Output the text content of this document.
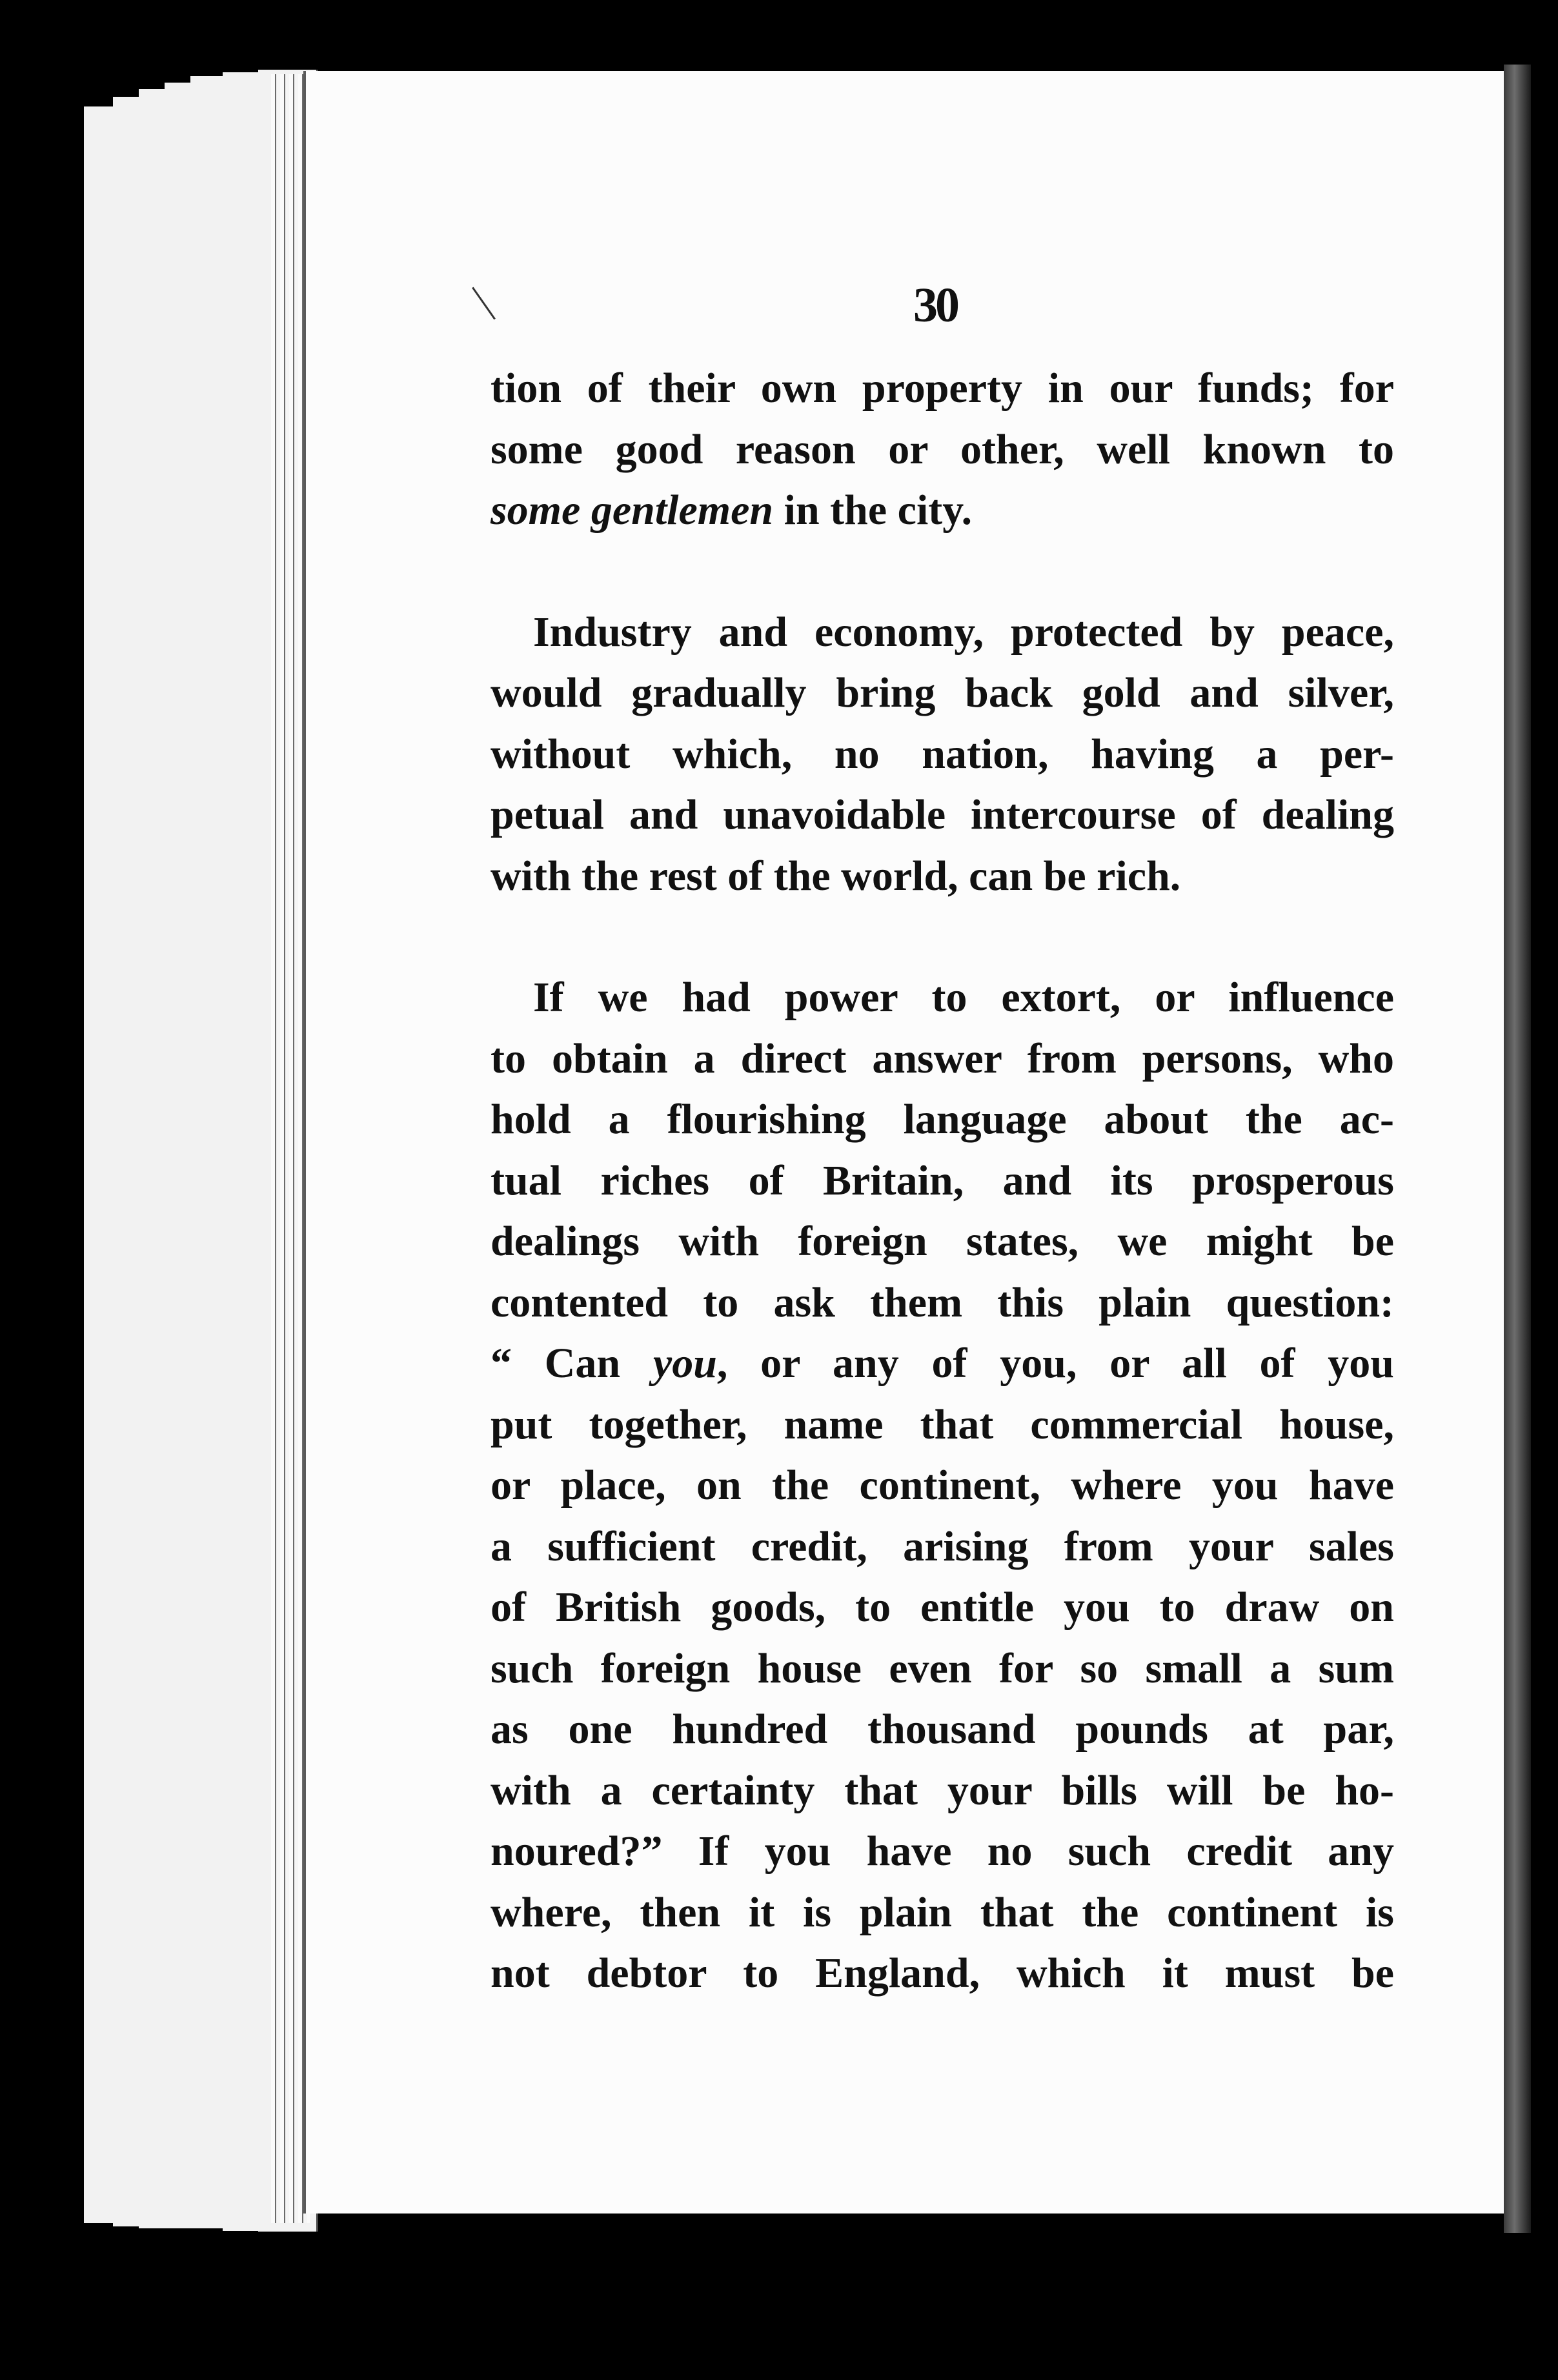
30
tion of their own property in our funds; for
some good reason or other, well known to
some gentlemen in the city.
Industry and economy, protected by peace,
would gradually bring back gold and silver,
without which, no nation, having a per-
petual and unavoidable intercourse of dealing
with the rest of the world, can be rich.
If we had power to extort, or influence
to obtain a direct answer from persons, who
hold a flourishing language about the ac-
tual riches of Britain, and its prosperous
dealings with foreign states, we might be
contented to ask them this plain question:
“ Can you, or any of you, or all of you
put together, name that commercial house,
or place, on the continent, where you have
a sufficient credit, arising from your sales
of British goods, to entitle you to draw on
such foreign house even for so small a sum
as one hundred thousand pounds at par,
with a certainty that your bills will be ho-
noured?” If you have no such credit any
where, then it is plain that the continent is
not debtor to England, which it must be
